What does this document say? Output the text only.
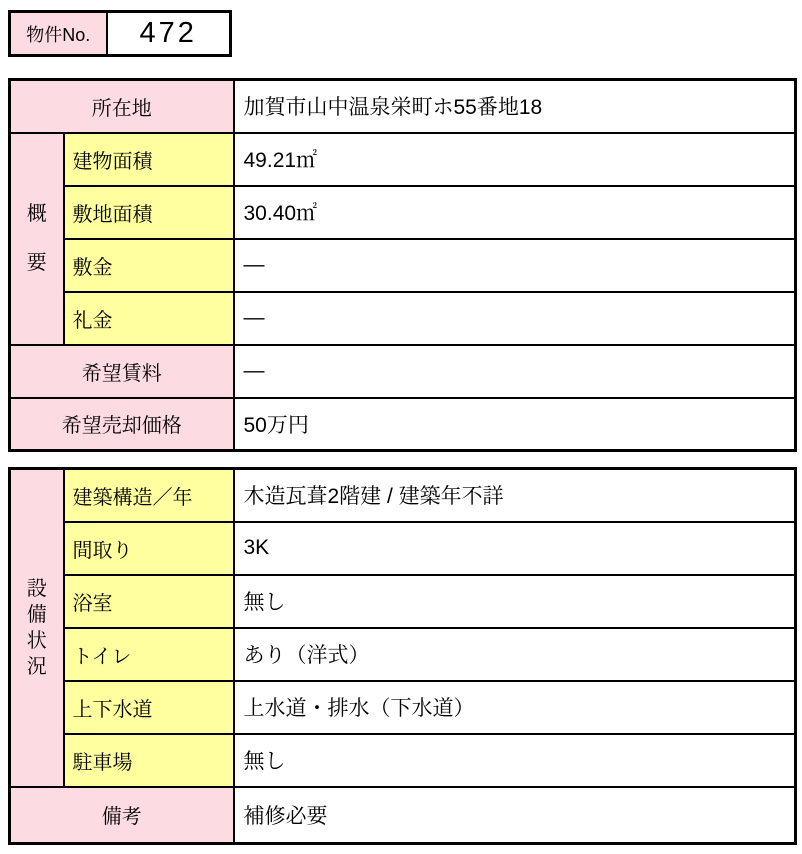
物件No.	472
所在地		加賀市山中温泉栄町ホ55番地18
概要	建物面積	49.21㎡
	敷地面積	30.40㎡
	敷金	—
	礼金	—
希望賃料		—
希望売却価格		50万円
設備状況	建築構造／年	木造瓦葺2階建 / 建築年不詳
	間取り	3K
	浴室	無し
	トイレ	あり（洋式）
	上下水道	上水道・排水（下水道）
	駐車場	無し
備考		補修必要
